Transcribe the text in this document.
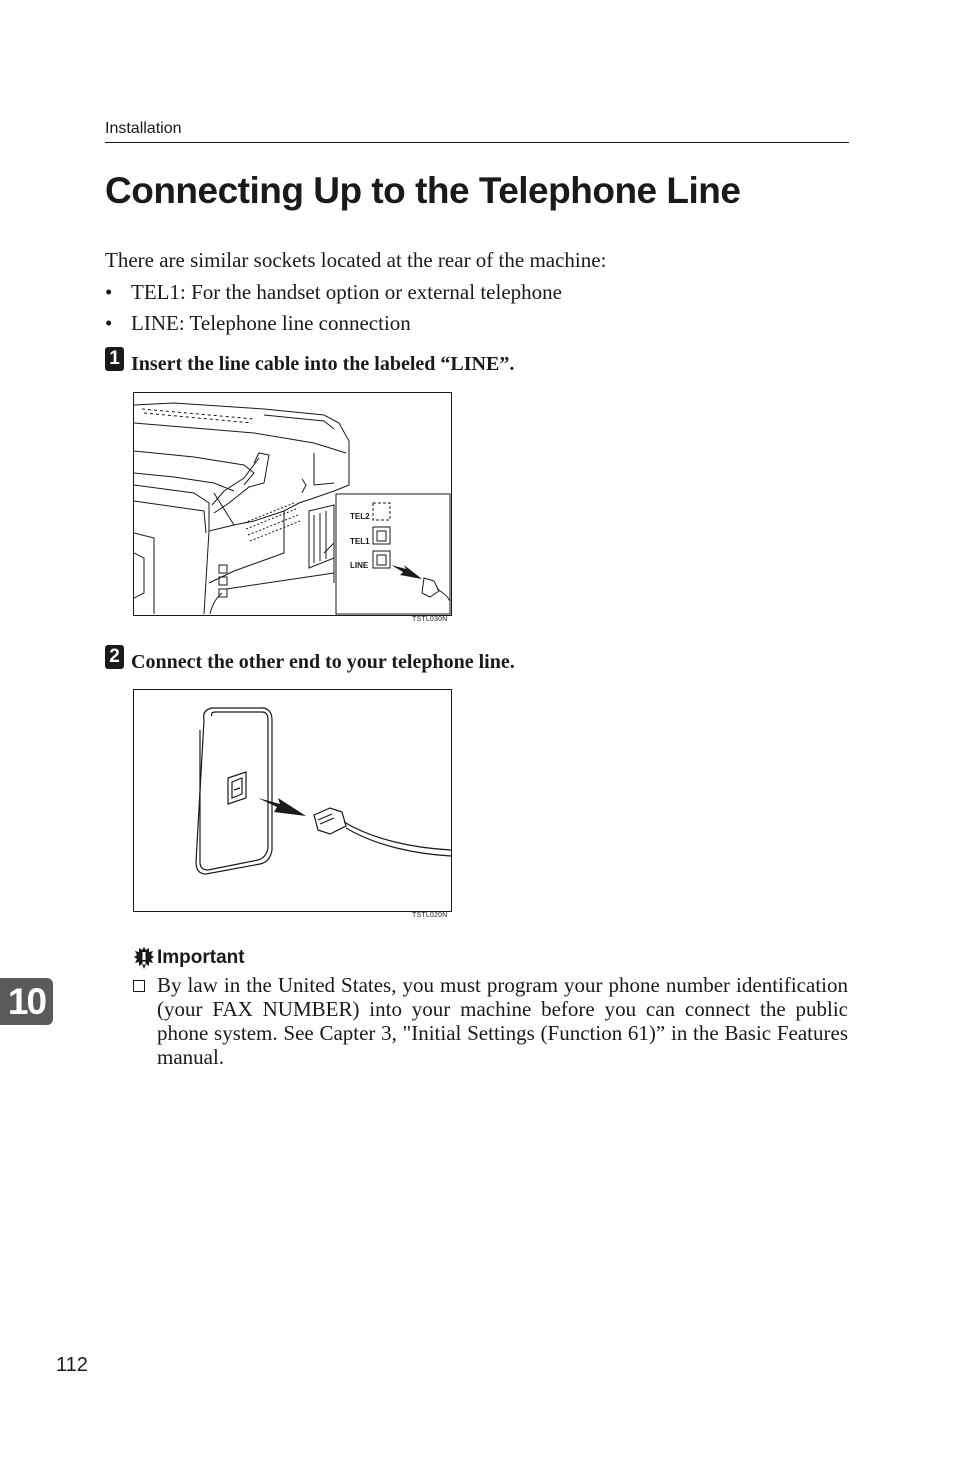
Installation
Connecting Up to the Telephone Line
There are similar sockets located at the rear of the machine:
• TEL1: For the handset option or external telephone
• LINE: Telephone line connection
1 Insert the line cable into the labeled “LINE”.
TEL2
TEL1
LINE
TSTL030N
2 Connect the other end to your telephone line.
TSTL020N
Important
By law in the United States, you must program your phone number identification (your FAX NUMBER) into your machine before you can connect the public phone system. See Capter 3, "Initial Settings (Function 61)” in the Basic Features manual.
10
112
